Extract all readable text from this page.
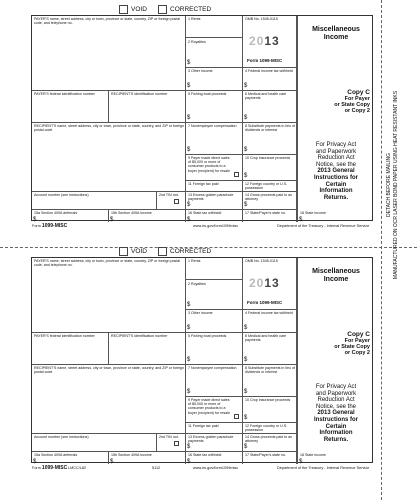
DETACH BEFORE MAILING
MANUFACTURED ON OCR LASER BOND PAPER USING HEAT RESISTANT INKS
VOID	CORRECTED
PAYER'S name, street address, city or town, province or state, country, ZIP or foreign postal code, and telephone no.
1 Rents
2 Royalties
$
3 Other income
$
OMB No. 1545-0115
2013
Form 1099-MISC
4 Federal income tax withheld
$
Miscellaneous
Income
Copy C
For Payer
or State Copy
or Copy 2
For Privacy Act
and Paperwork
Reduction Act
Notice, see the
2013 General
Instructions for
Certain
Information
Returns.
PAYER'S federal identification number	RECIPIENT'S identification number	5 Fishing boat proceeds
$
6 Medical and health care payments
$
RECIPIENT'S name, street address, city or town, province or state, country, and ZIP or foreign postal code
7 Nonemployee compensation
$
8 Substitute payments in lieu of dividends or interest
$
9 Payer made direct sales of $5,000 or more of consumer products to a buyer (recipient) for resale
10 Crop insurance proceeds
$
11 Foreign tax paid	12 Foreign country or U.S. possession
Account number (see instructions)	2nd TIN not.	13 Excess golden parachute payments
$
14 Gross proceeds paid to an attorney
$
15a Section 409A deferrals
$
15b Section 409A income
$
16 State tax withheld
$
17 State/Payer's state no.	18 State income
$
VOID	CORRECTED
PAYER'S name, street address, city or town, province or state, country, ZIP or foreign postal code, and telephone no.
1 Rents
2 Royalties
$
3 Other income
$
OMB No. 1545-0115
2013
Form 1099-MISC
4 Federal income tax withheld
$
Miscellaneous
Income
Copy C
For Payer
or State Copy
or Copy 2
For Privacy Act
and Paperwork
Reduction Act
Notice, see the
2013 General
Instructions for
Certain
Information
Returns.
PAYER'S federal identification number	RECIPIENT'S identification number	5 Fishing boat proceeds
$
6 Medical and health care payments
$
RECIPIENT'S name, street address, city or town, province or state, country, and ZIP or foreign postal code
7 Nonemployee compensation
$
8 Substitute payments in lieu of dividends or interest
$
9 Payer made direct sales of $5,000 or more of consumer products to a buyer (recipient) for resale
10 Crop insurance proceeds
$
11 Foreign tax paid	12 Foreign country or U.S. possession
Account number (see instructions)	2nd TIN not.	13 Excess golden parachute payments
$
14 Gross proceeds paid to an attorney
$
15a Section 409A deferrals
$
15b Section 409A income
$
16 State tax withheld
$
17 State/Payer's state no.	18 State income
$
Form 1099-MISC	www.irs.gov/form1099misc	Department of the Treasury - Internal Revenue Service
Form 1099-MISC LMCC/L82	5112	www.irs.gov/form1099misc	Department of the Treasury - Internal Revenue Service
